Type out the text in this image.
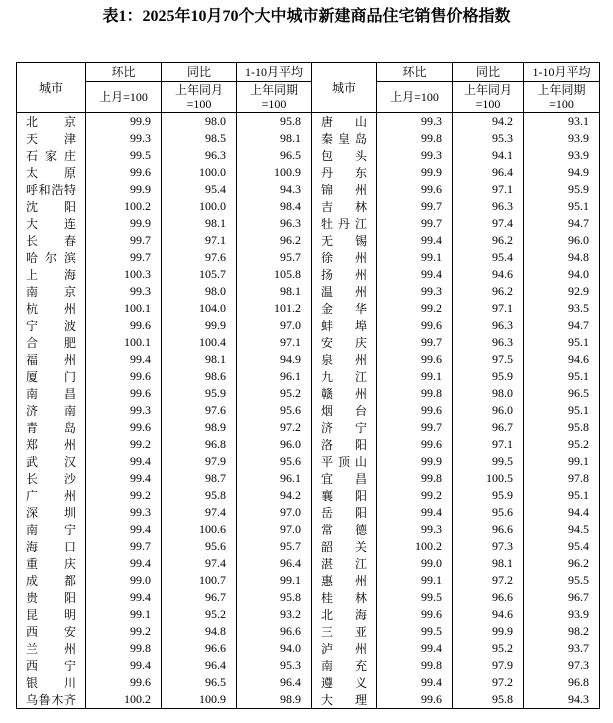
表1：2025年10月70个大中城市新建商品住宅销售价格指数
城市	环比	同比	1-10月平均	城市	环比	同比	1-10月平均
	上月=100	上年同月
=100	上年同期
=100		上月=100	上年同月
=100	上年同期
=100

北 京	99.9	98.0	95.8	唐 山	99.3	94.2	93.1

天 津	99.3	98.5	98.1	秦 皇 岛	99.8	95.3	93.9

石 家 庄	99.5	96.3	96.5	包 头	99.3	94.1	93.9

太 原	99.6	100.0	100.9	丹 东	99.9	96.4	94.9

呼 和 浩 特	99.9	95.4	94.3	锦 州	99.6	97.1	95.9

沈 阳	100.2	100.0	98.4	吉 林	99.7	96.3	95.1

大 连	99.9	98.1	96.3	牡 丹 江	99.7	97.4	94.7

长 春	99.7	97.1	96.2	无 锡	99.4	96.2	96.0

哈 尔 滨	99.7	97.6	95.7	徐 州	99.1	95.4	94.8

上 海	100.3	105.7	105.8	扬 州	99.4	94.6	94.0

南 京	99.3	98.0	98.1	温 州	99.3	96.2	92.9

杭 州	100.1	104.0	101.2	金 华	99.2	97.1	93.5

宁 波	99.6	99.9	97.0	蚌 埠	99.6	96.3	94.7

合 肥	100.1	100.4	97.1	安 庆	99.7	96.3	95.1

福 州	99.4	98.1	94.9	泉 州	99.6	97.5	94.6

厦 门	99.6	98.6	96.1	九 江	99.1	95.9	95.1

南 昌	99.6	95.9	95.2	赣 州	99.8	98.0	96.5

济 南	99.3	97.6	95.6	烟 台	99.6	96.0	95.1

青 岛	99.6	98.9	97.2	济 宁	99.7	96.7	95.8

郑 州	99.2	96.8	96.0	洛 阳	99.6	97.1	95.2

武 汉	99.4	97.9	95.6	平 顶 山	99.9	99.5	99.1

长 沙	99.4	98.7	96.1	宜 昌	99.8	100.5	97.8

广 州	99.2	95.8	94.2	襄 阳	99.2	95.9	95.1

深 圳	99.3	97.4	97.0	岳 阳	99.4	95.6	94.4

南 宁	99.4	100.6	97.0	常 德	99.3	96.6	94.5

海 口	99.7	95.6	95.7	韶 关	100.2	97.3	95.4

重 庆	99.4	97.4	96.4	湛 江	99.0	98.1	96.2

成 都	99.0	100.7	99.1	惠 州	99.1	97.2	95.5

贵 阳	99.4	96.7	95.8	桂 林	99.5	96.6	96.7

昆 明	99.1	95.2	93.2	北 海	99.6	94.6	93.9

西 安	99.2	94.8	96.6	三 亚	99.5	99.9	98.2

兰 州	99.8	96.6	94.0	泸 州	99.4	95.2	93.7

西 宁	99.4	96.4	95.3	南 充	99.8	97.9	97.3

银 川	99.6	96.5	96.4	遵 义	99.4	97.2	96.8

乌 鲁 木 齐	100.2	100.9	98.9	大 理	99.6	95.8	94.3
